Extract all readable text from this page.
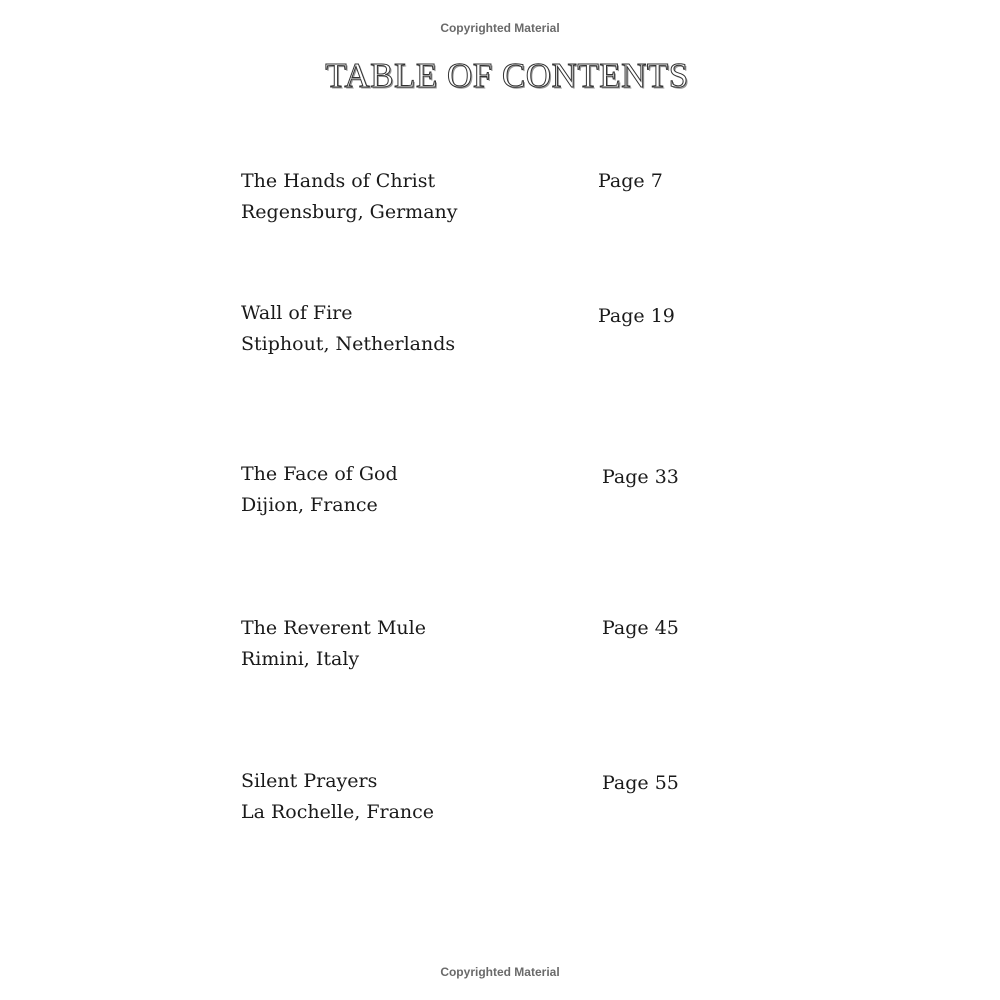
Copyrighted Material
TABLE OF CONTENTS
The Hands of Christ
Regensburg, Germany
Page 7
Wall of Fire
Stiphout, Netherlands
Page 19
The Face of God
Dijion, France
Page 33
The Reverent Mule
Rimini, Italy
Page 45
Silent Prayers
La Rochelle, France
Page 55
Copyrighted Material
